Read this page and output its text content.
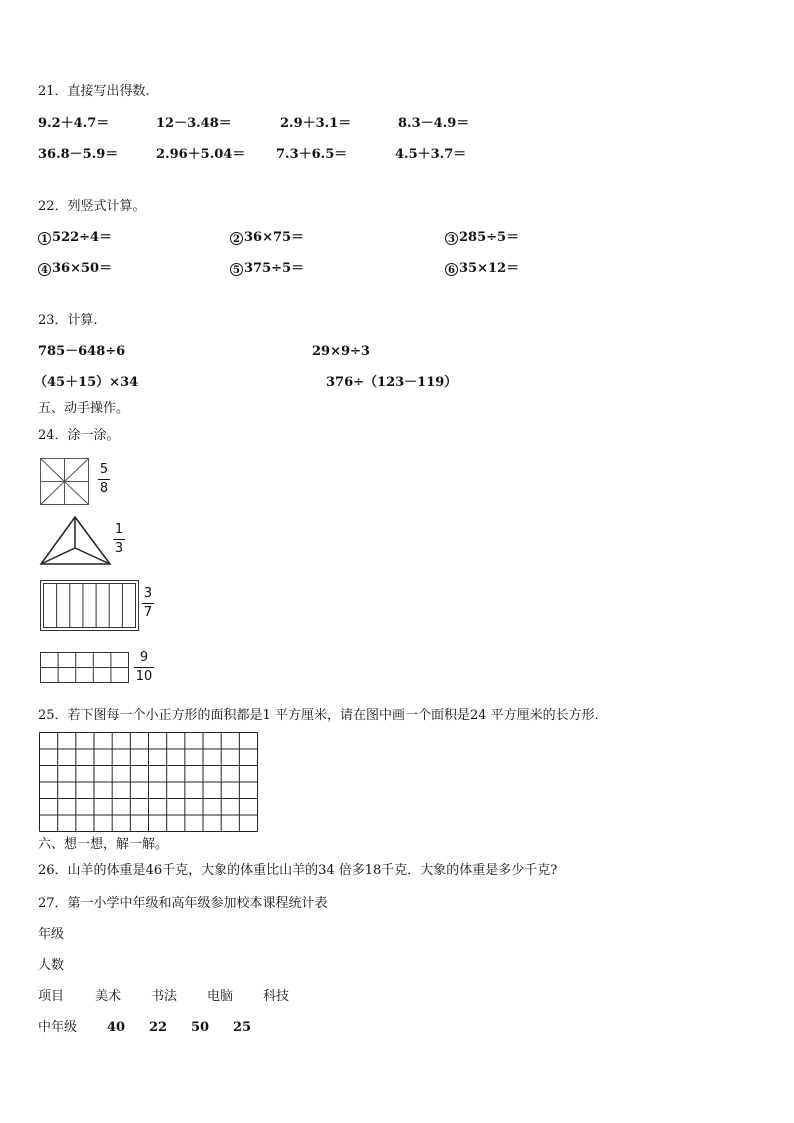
21．直接写出得数.
9.2＋4.7＝	12－3.48＝	2.9＋3.1＝	8.3－4.9＝
36.8－5.9＝	2.96＋5.04＝ 7.3＋6.5＝	4.5＋3.7＝
22．列竖式计算。
1 522÷4＝	2 36×75＝	3 285÷5＝
4 36×50＝	5 375÷5＝	6 35×12＝
23．计算.
785－648÷6	29×9÷3
（45＋15）×34	376÷（123－119）
五、动手操作。
24．涂一涂。
5
8
1
3
3
7
9
10
25．若下图每一个小正方形的面积都是1 平方厘米，请在图中画一个面积是24 平方厘米的长方形.
六、想一想，解一解。
26．山羊的体重是46千克，大象的体重比山羊的34 倍多18千克．大象的体重是多少千克?
27．第一小学中年级和高年级参加校本课程统计表
年级
人数
项目 美术 书法 电脑 科技
中年级 40 22 50 25
